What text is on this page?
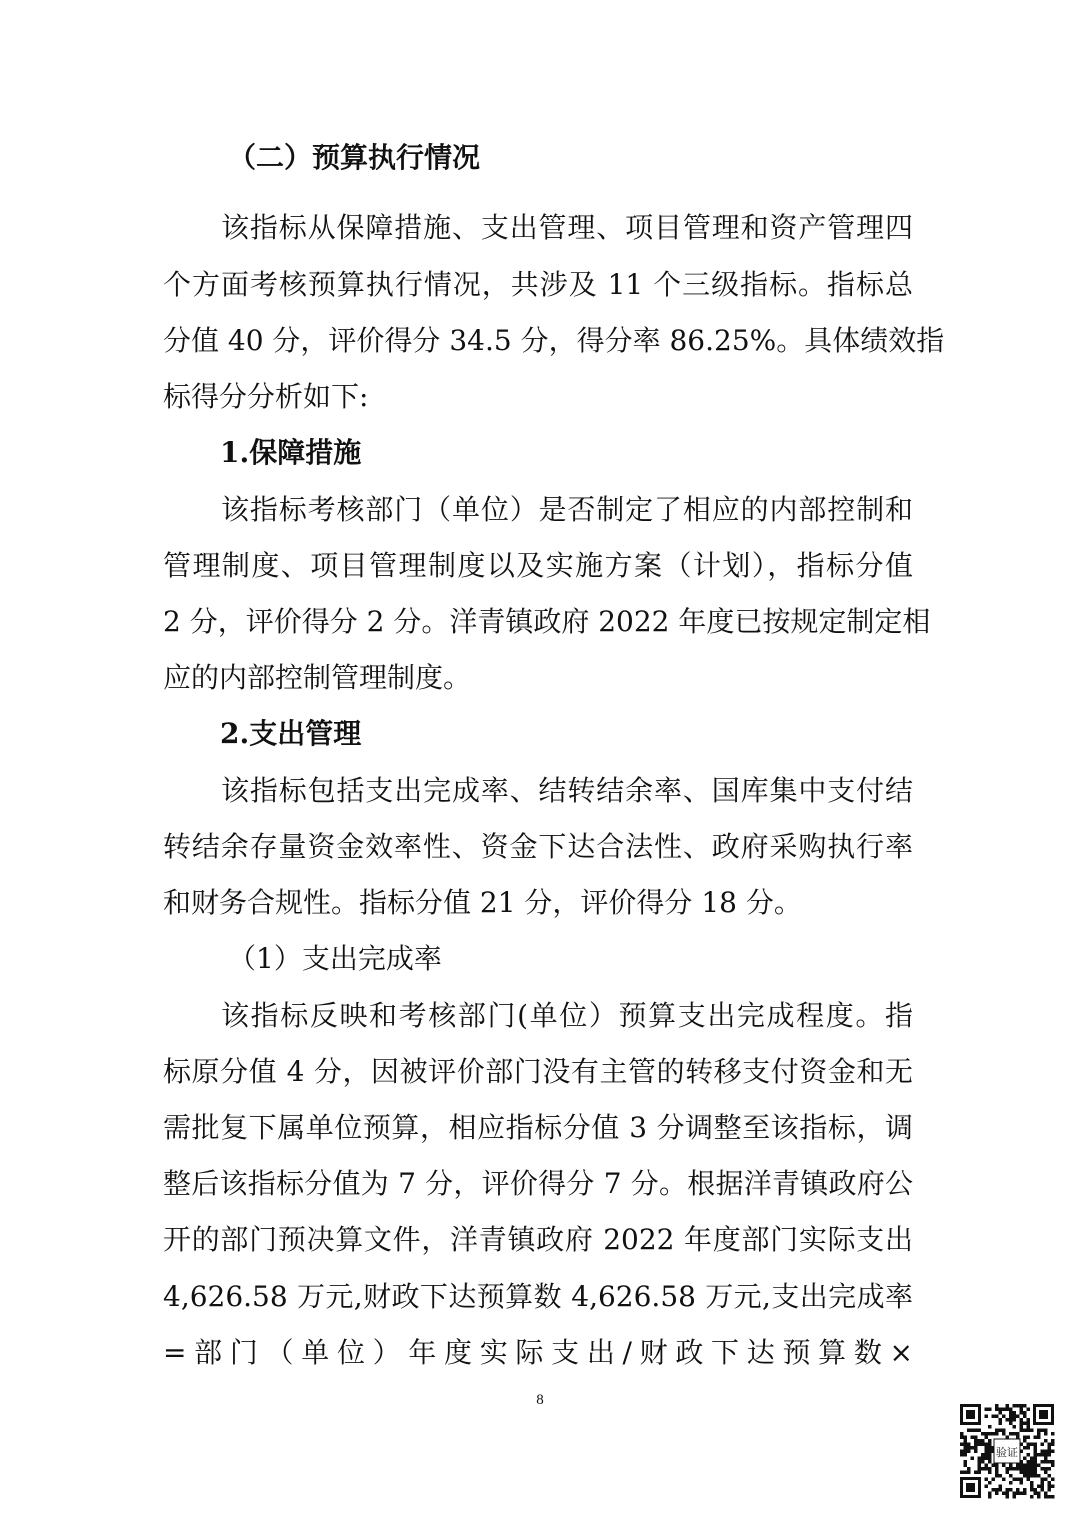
（二）预算执行情况
该指标从保障措施、支出管理、项目管理和资产管理四
个方面考核预算执行情况，共涉及 11 个三级指标。指标总
分值 40 分，评价得分 34.5 分，得分率 86.25%。具体绩效指
标得分分析如下:
1.保障措施
该指标考核部门（单位）是否制定了相应的内部控制和
管理制度、项目管理制度以及实施方案（计划），指标分值
2 分，评价得分 2 分。洋青镇政府 2022 年度已按规定制定相
应的内部控制管理制度。
2.支出管理
该指标包括支出完成率、结转结余率、国库集中支付结
转结余存量资金效率性、资金下达合法性、政府采购执行率
和财务合规性。指标分值 21 分，评价得分 18 分。
（1）支出完成率
该指标反映和考核部门(单位）预算支出完成程度。指
标原分值 4 分，因被评价部门没有主管的转移支付资金和无
需批复下属单位预算，相应指标分值 3 分调整至该指标，调
整后该指标分值为 7 分，评价得分 7 分。根据洋青镇政府公
开的部门预决算文件，洋青镇政府 2022 年度部门实际支出
4,626.58 万元,财政下达预算数 4,626.58 万元,支出完成率
=部门（单位）年度实际支出/财政下达预算数×
8
验证
